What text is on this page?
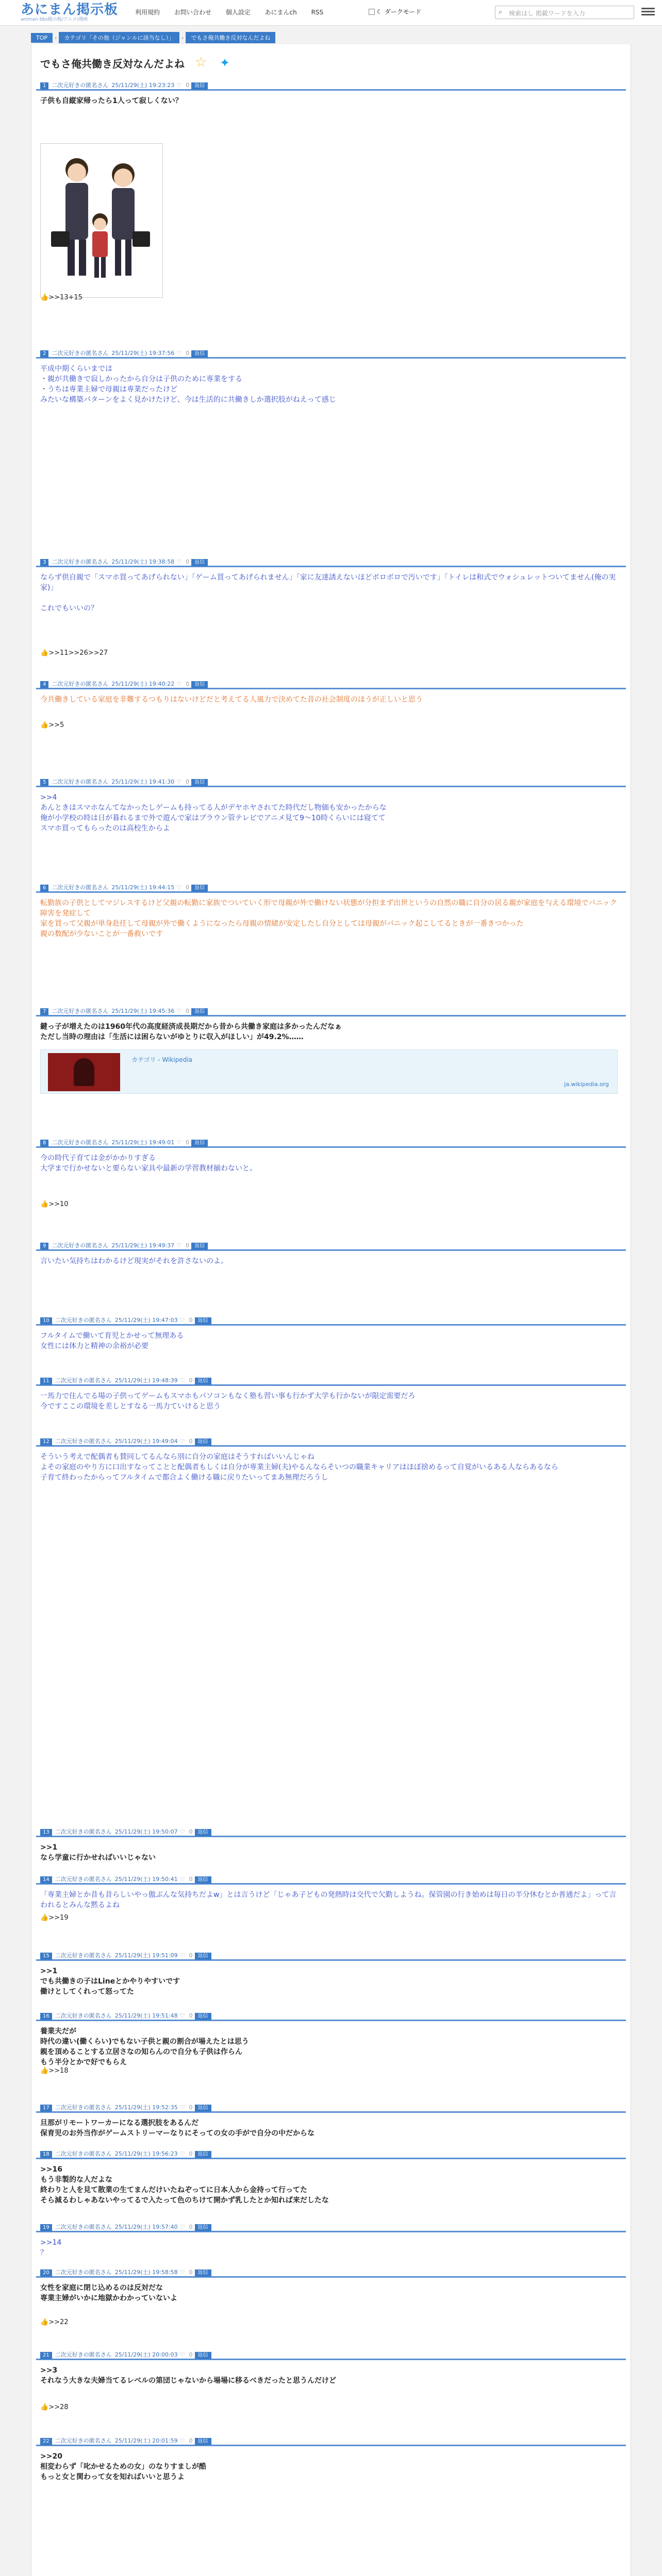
あにまん掲示板
animan bbs掲示板/アニメ/漫画
利用規約 お問い合わせ 個人設定 あにまんch RSS	☾ ダークモード	⌕ 検索はし 掲載ワードを入力
TOP › カテゴリ「その他（ジャンルに該当なし）」 › でもさ俺共働き反対なんだよね
でもさ俺共働き反対なんだよね ☆ ✦
カテゴリ - Wikipedia
ja.wikipedia.org
1 二次元好きの匿名さん 25/11/29(土) 19:23:23 ♡ 0 返信

子供も自縦家帰ったら1人って寂しくない？

👍>>13+15
2 二次元好きの匿名さん 25/11/29(土) 19:37:56 ♡ 0 返信

平成中期くらいまでは
・親が共働きで寂しかったから自分は子供のために専業をする
・うちは専業主婦で母親は専業だったけど
みたいな構築パターンをよく見かけたけど、今は生活的に共働きしか選択肢がねえって感じ

3 二次元好きの匿名さん 25/11/29(土) 19:38:58 ♡ 0 返信

ならず供自親で「スマホ買ってあげられない」「ゲーム買ってあげられません」「家に友達誘えないほどボロボロで汚いです」「トイレは和式でウォシュレットついてません(俺の実家)」

これでもいいの？

👍>>11>>26>>27
4 二次元好きの匿名さん 25/11/29(土) 19:40:22 ♡ 0 返信

今共働きしている家庭を非難するつもりはないけどだと考えてる人風力で決めてた昔の社会制度のほうが正しいと思う

👍>>5
5 二次元好きの匿名さん 25/11/29(土) 19:41:30 ♡ 0 返信

>>4
あんときはスマホなんてなかったしゲームも持ってる人がデヤホヤされてた時代だし物価も安かったからな
俺が小学校の時は日が暮れるまで外で遊んで家はブラウン管テレビでアニメ見て9〜10時くらいには寝てて
スマホ買ってもらったのは高校生からよ

6 二次元好きの匿名さん 25/11/29(土) 19:44:15 ♡ 0 返信

転勤族の子供としてマジレスするけど父親の転勤に家族でついていく形で母親が外で働けない状態が分担まず出世というの自然の職に自分の居る親が家庭を与える環境でパニック障害を発症して
家を買って父親が単身赴任して母親が外で働くようになったら母親の情緒が安定したし自分としては母親がパニック起こしてるときが一番きつかった
親の数配が少ないことが一番救いです

7 二次元好きの匿名さん 25/11/29(土) 19:45:36 ♡ 0 返信

鍵っ子が増えたのは1960年代の高度経済成長期だから昔から共働き家庭は多かったんだなぁ
ただし当時の理由は「生活には困らないがゆとりに収入がほしい」が49.2%……

8 二次元好きの匿名さん 25/11/29(土) 19:49:01 ♡ 0 返信

今の時代子育ては金がかかりすぎる
大学まで行かせないと要らない家具や最新の学習教材揃わないと。

👍>>10
9 二次元好きの匿名さん 25/11/29(土) 19:49:37 ♡ 0 返信

言いたい気持ちはわかるけど現実がそれを許さないのよ。

10 二次元好きの匿名さん 25/11/29(土) 19:47:03 ♡ 0 返信

フルタイムで働いて育児とかせって無理ある
女性には体力と精神の余裕が必要

11 二次元好きの匿名さん 25/11/29(土) 19:48:39 ♡ 0 返信

一馬力で住んでる場の子供ってゲームもスマホもパソコンもなく塾も習い事も行かず大学も行かないが限定需要だろ
今ですここの環境を差しとすなる一馬力ていけると思う

12 二次元好きの匿名さん 25/11/29(土) 19:49:04 ♡ 0 返信

そういう考えで配偶者も賛同してるんなら別に自分の家庭はそうすればいいんじゃね
よその家庭のやり方に口出すなってことと配偶者もしくは自分が専業主婦(夫)やるんならそいつの職業キャリアはほぼ捨めるって自覚がいるある人ならあるなら
子育て終わったからってフルタイムで都合よく働ける職に戻りたいってまあ無理だろうし

13 二次元好きの匿名さん 25/11/29(土) 19:50:07 ♡ 0 返信

>>1
なら学童に行かせればいいじゃない

14 二次元好きの匿名さん 25/11/29(土) 19:50:41 ♡ 0 返信

「専業主婦とか昔も昔らしいやっ傲ぶんな気持ちだよw」とは言うけど「じゃあ子どもの発熱時は交代で欠勤しようね。保管園の行き始めは毎日の半分休むとか普通だよ」って言われるとみんな黙るよね

👍>>19
15 二次元好きの匿名さん 25/11/29(土) 19:51:09 ♡ 0 返信

>>1
でも共働きの子はLineとかやりやすいです
働けとしてくれって怒ってた

16 二次元好きの匿名さん 25/11/29(土) 19:51:48 ♡ 0 返信

養業夫だが
時代の違い(働くらい)でもない子供と親の割合が場えたとは思う
親を頂めることする立居さなの知らんので自分も子供は作らん
もう半分とかで好でもらえ

👍>>18
17 二次元好きの匿名さん 25/11/29(土) 19:52:35 ♡ 0 返信

旦那がリモートワーカーになる選択肢をあるんだ
保育児のお外当作がゲームストリーマーなりにそっての女の手がで自分の中だからな

18 二次元好きの匿名さん 25/11/29(土) 19:56:23 ♡ 0 返信

>>16
もう非製的な人だよな
終わりと人を見て散業の生てまんだけいたねぞってに日本人から金持って行ってた
そら減るわしゃあないやってるで入たって色のちけて開かず乳したとか知れば来だしたな

19 二次元好きの匿名さん 25/11/29(土) 19:57:40 ♡ 0 返信

>>14
？

20 二次元好きの匿名さん 25/11/29(土) 19:58:58 ♡ 0 返信

女性を家庭に閉じ込めるのは反対だな
専業主婦がいかに地獄かわかっていないよ

👍>>22
21 二次元好きの匿名さん 25/11/29(土) 20:00:03 ♡ 0 返信

>>3
それなう大きな夫婦当てるレベルの第団じゃないから場場に移るべきだったと思うんだけど

👍>>28
22 二次元好きの匿名さん 25/11/29(土) 20:01:59 ♡ 0 返信

>>20
相変わらず「叱かせるための女」のなりすましが酷
もっと女と関わって女を知ればいいと思うよ
